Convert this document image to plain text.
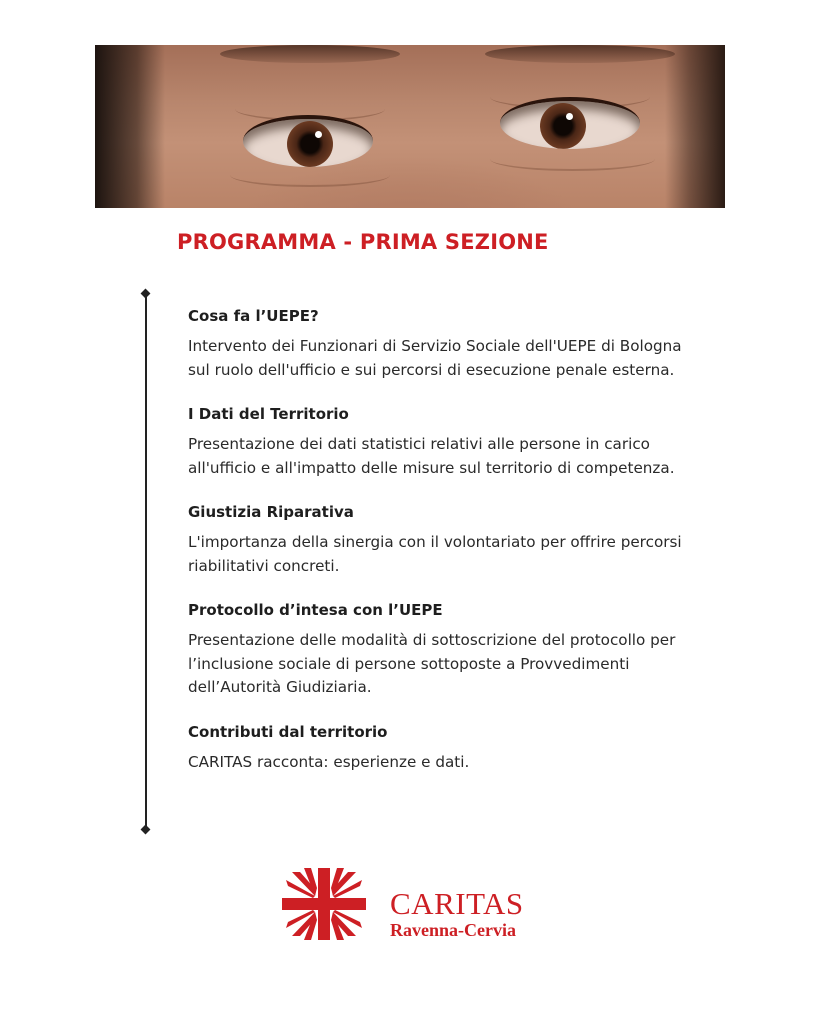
PROGRAMMA - PRIMA SEZIONE

Cosa fa l’UEPE?

Intervento dei Funzionari di Servizio Sociale dell'UEPE di Bologna sul ruolo dell'ufficio e sui percorsi di esecuzione penale esterna.

I Dati del Territorio

Presentazione dei dati statistici relativi alle persone in carico all'ufficio e all'impatto delle misure sul territorio di competenza.

Giustizia Riparativa

L'importanza della sinergia con il volontariato per offrire percorsi riabilitativi concreti.

Protocollo d’intesa con l’UEPE

Presentazione delle modalità di sottoscrizione del protocollo per l’inclusione sociale di persone sottoposte a Provvedimenti dell’Autorità Giudiziaria.

Contributi dal territorio

CARITAS racconta: esperienze e dati.

CARITAS
Ravenna-Cervia
